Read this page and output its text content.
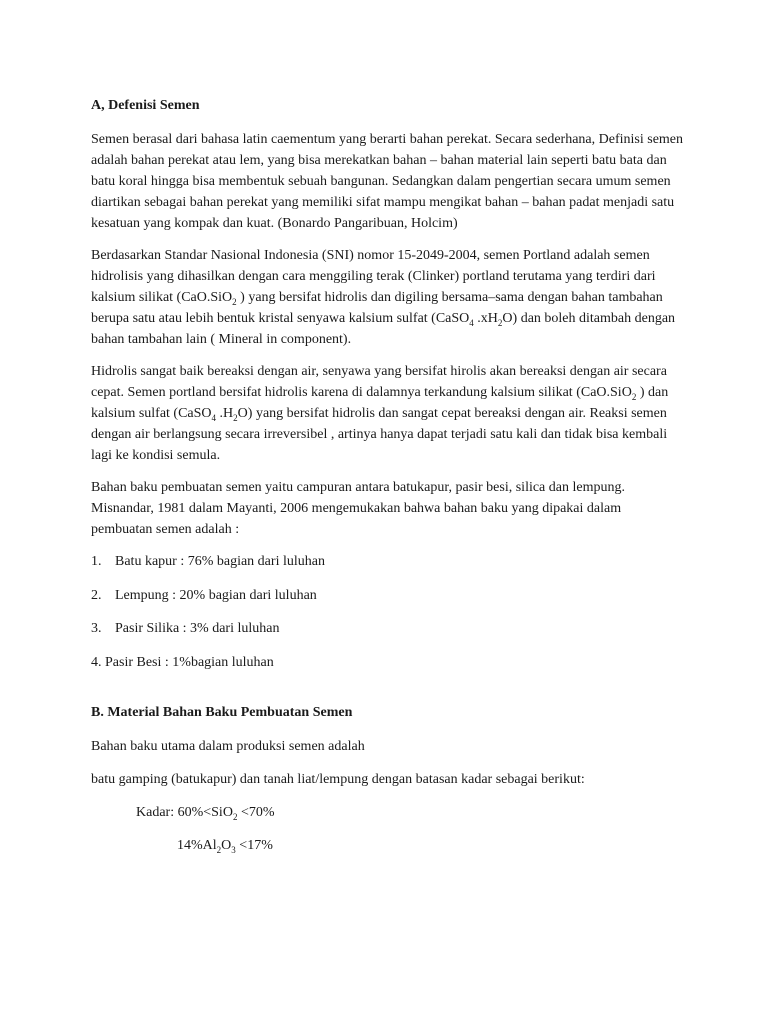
A, Defenisi Semen

Semen berasal dari bahasa latin caementum yang berarti bahan perekat. Secara sederhana, Definisi semen adalah bahan perekat atau lem, yang bisa merekatkan bahan – bahan material lain seperti batu bata dan batu koral hingga bisa membentuk sebuah bangunan. Sedangkan dalam pengertian secara umum semen diartikan sebagai bahan perekat yang memiliki sifat mampu mengikat bahan – bahan padat menjadi satu kesatuan yang kompak dan kuat. (Bonardo Pangaribuan, Holcim)

Berdasarkan Standar Nasional Indonesia (SNI) nomor 15-2049-2004, semen Portland adalah semen hidrolisis yang dihasilkan dengan cara menggiling terak (Clinker) portland terutama yang terdiri dari kalsium silikat (CaO.SiO$_2$ ) yang bersifat hidrolis dan digiling bersama–sama dengan bahan tambahan berupa satu atau lebih bentuk kristal senyawa kalsium sulfat (CaSO$_4$ $.xH_2O$) dan boleh ditambah dengan bahan tambahan lain ( Mineral in component).

Hidrolis sangat baik bereaksi dengan air, senyawa yang bersifat hirolis akan bereaksi dengan air secara cepat. Semen portland bersifat hidrolis karena di dalamnya terkandung kalsium silikat (CaO.SiO$_2$ ) dan kalsium sulfat (CaSO$_4$ $.H_2O$) yang bersifat hidrolis dan sangat cepat bereaksi dengan air. Reaksi semen dengan air berlangsung secara irreversibel , artinya hanya dapat terjadi satu kali dan tidak bisa kembali lagi ke kondisi semula.

Bahan baku pembuatan semen yaitu campuran antara batukapur, pasir besi, silica dan lempung. Misnandar, 1981 dalam Mayanti, 2006 mengemukakan bahwa bahan baku yang dipakai dalam pembuatan semen adalah :

1. Batu kapur : 76% bagian dari luluhan
2. Lempung : 20% bagian dari luluhan
3. Pasir Silika : 3% dari luluhan
4. Pasir Besi : 1%bagian luluhan
B. Material Bahan Baku Pembuatan Semen

Bahan baku utama dalam produksi semen adalah

batu gamping (batukapur) dan tanah liat/lempung dengan batasan kadar sebagai berikut:

Kadar: 60%<SiO$_2$ <70%

$14\%Al_2O_3 <17\%$
